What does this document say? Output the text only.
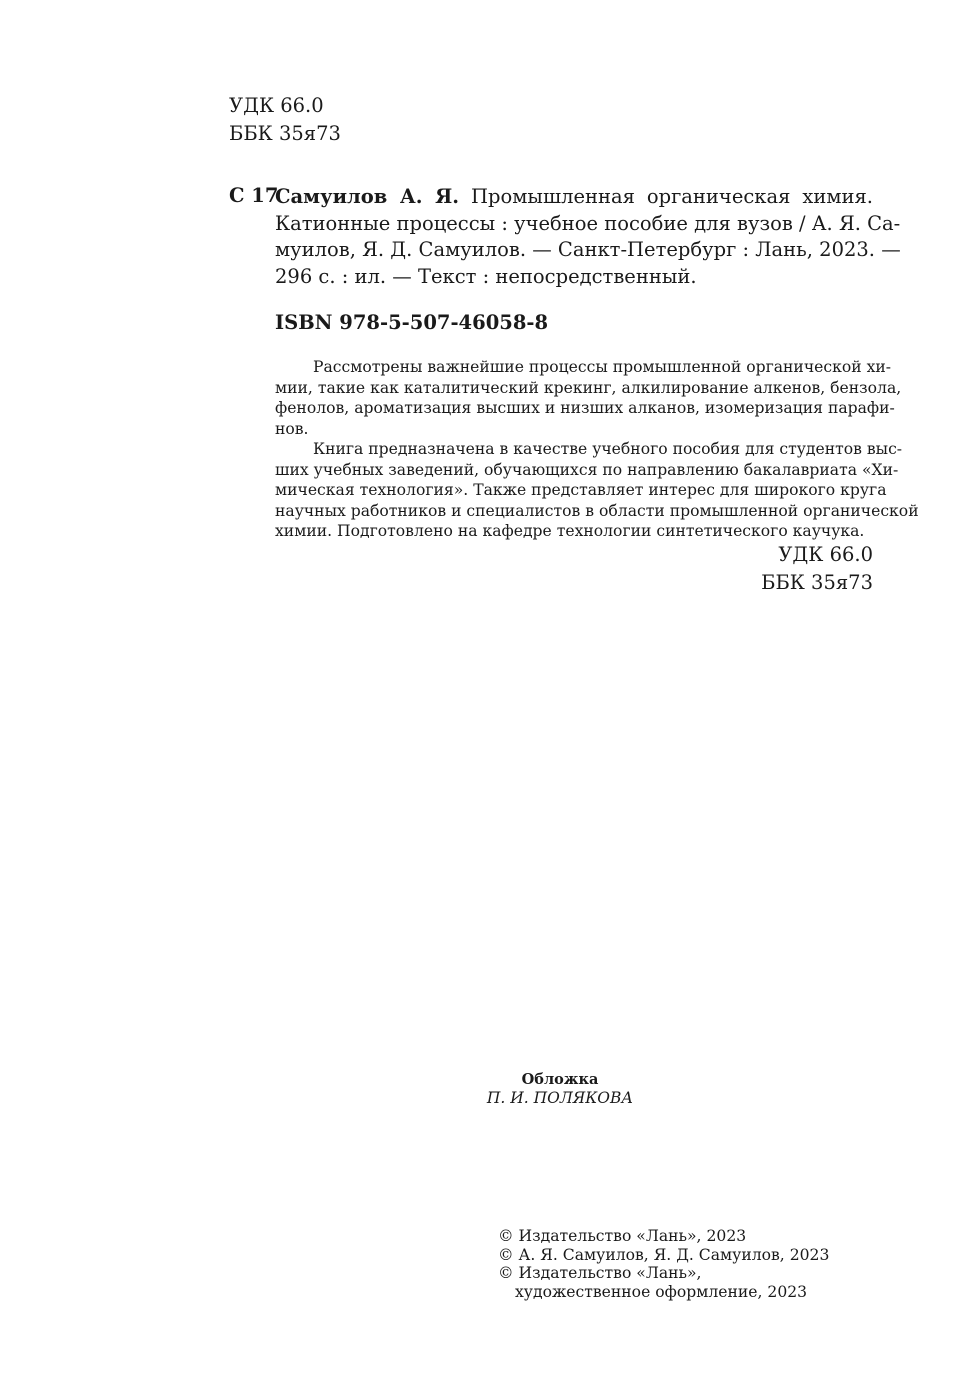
УДК 66.0
ББК 35я73
С 17
Самуилов А. Я. Промышленная органическая химия.
Катионные процессы : учебное пособие для вузов / А. Я. Са-
муилов, Я. Д. Самуилов. — Санкт-Петербург : Лань, 2023. —
296 с. : ил. — Текст : непосредственный.
ISBN 978-5-507-46058-8
Рассмотрены важнейшие процессы промышленной органической хи-
мии, такие как каталитический крекинг, алкилирование алкенов, бензола,
фенолов, ароматизация высших и низших алканов, изомеризация парафи-
нов.
Книга предназначена в качестве учебного пособия для студентов выс-
ших учебных заведений, обучающихся по направлению бакалавриата «Хи-
мическая технология». Также представляет интерес для широкого круга
научных работников и специалистов в области промышленной органической
химии. Подготовлено на кафедре технологии синтетического каучука.
УДК 66.0
ББК 35я73
Обложка
П. И. ПОЛЯКОВА
© Издательство «Лань», 2023
© А. Я. Самуилов, Я. Д. Самуилов, 2023
© Издательство «Лань»,
художественное оформление, 2023
